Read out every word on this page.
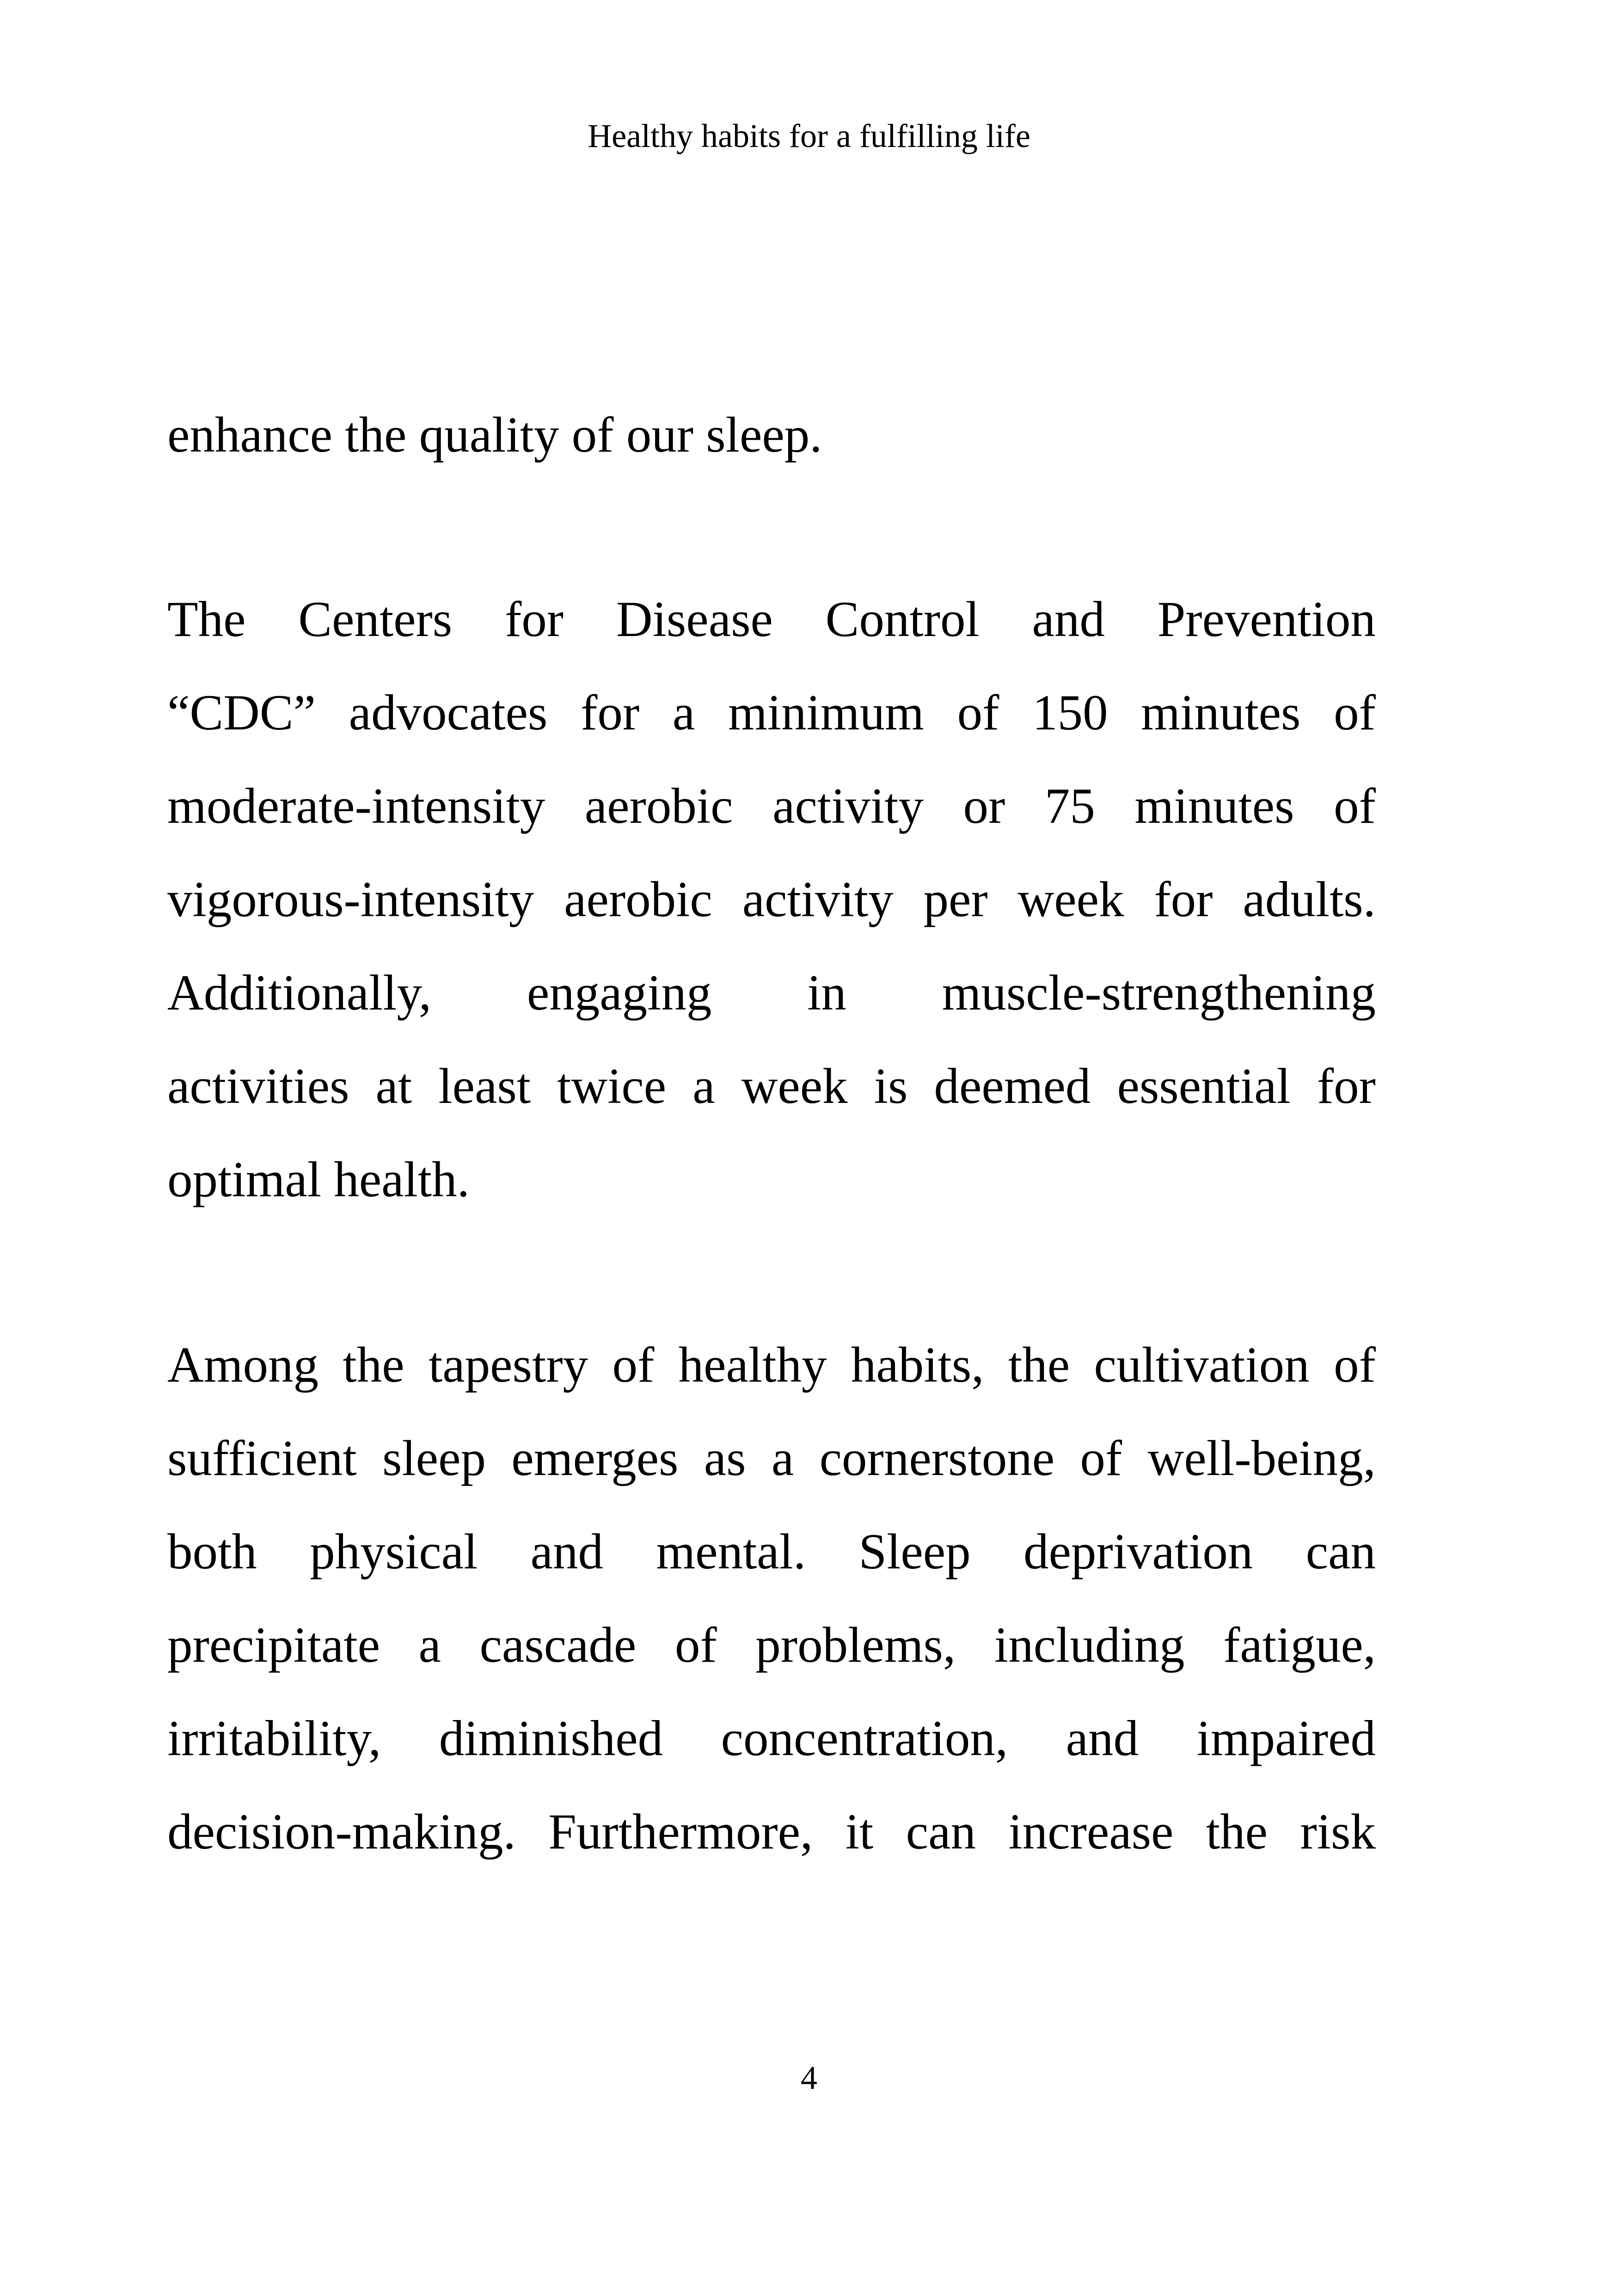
Healthy habits for a fulfilling life
enhance the quality of our sleep.
The Centers for Disease Control and Prevention
“CDC” advocates for a minimum of 150 minutes of
moderate-intensity aerobic activity or 75 minutes of
vigorous-intensity aerobic activity per week for adults.
Additionally, engaging in muscle-strengthening
activities at least twice a week is deemed essential for
optimal health.
Among the tapestry of healthy habits, the cultivation of
sufficient sleep emerges as a cornerstone of well-being,
both physical and mental. Sleep deprivation can
precipitate a cascade of problems, including fatigue,
irritability, diminished concentration, and impaired
decision-making. Furthermore, it can increase the risk
4
